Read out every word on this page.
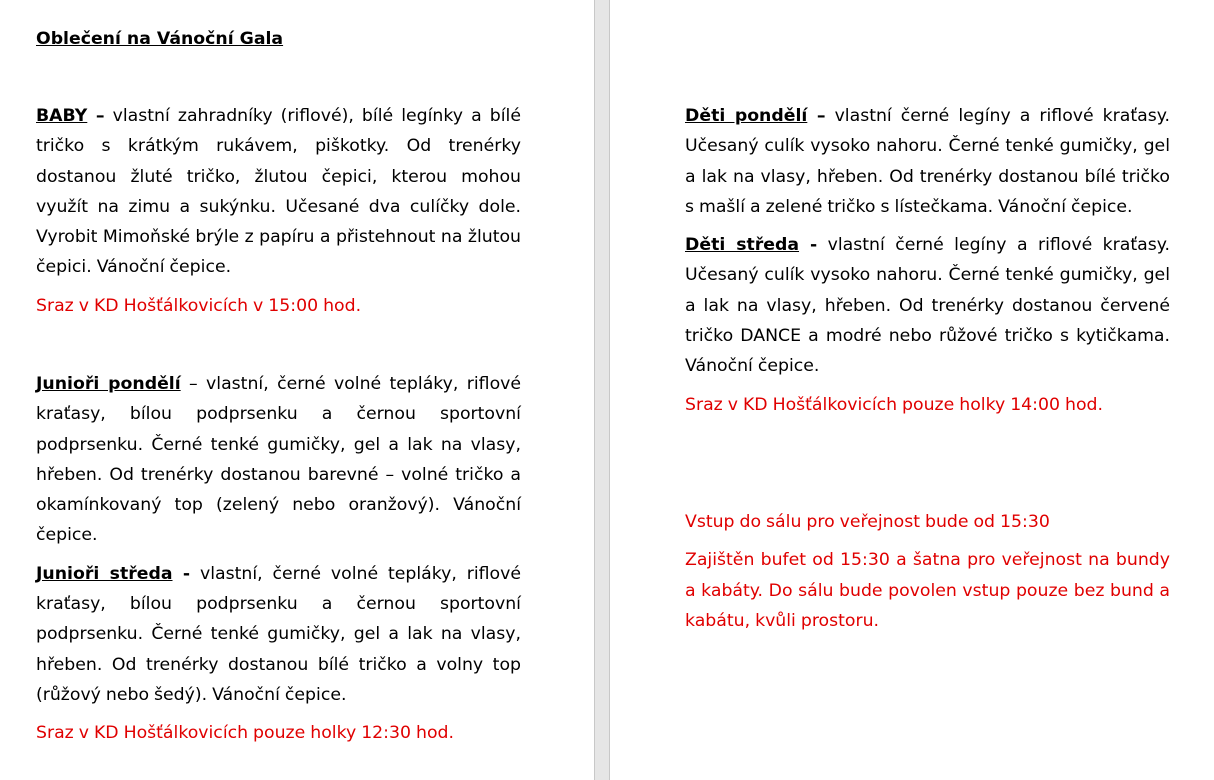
Oblečení na Vánoční Gala

BABY – vlastní zahradníky (riflové), bílé legínky a bílé tričko s krátkým rukávem, piškotky. Od trenérky dostanou žluté tričko, žlutou čepici, kterou mohou využít na zimu a sukýnku. Učesané dva culíčky dole. Vyrobit Mimoňské brýle z papíru a přistehnout na žlutou čepici. Vánoční čepice.

Sraz v KD Hošťálkovicích v 15:00 hod.

Junioři pondělí – vlastní, černé volné tepláky, riflové kraťasy, bílou podprsenku a černou sportovní podprsenku. Černé tenké gumičky, gel a lak na vlasy, hřeben. Od trenérky dostanou barevné – volné tričko a okamínkovaný top (zelený nebo oranžový). Vánoční čepice.

Junioři středa - vlastní, černé volné tepláky, riflové kraťasy, bílou podprsenku a černou sportovní podprsenku. Černé tenké gumičky, gel a lak na vlasy, hřeben. Od trenérky dostanou bílé tričko a volny top (růžový nebo šedý). Vánoční čepice.

Sraz v KD Hošťálkovicích pouze holky 12:30 hod.

Děti pondělí – vlastní černé legíny a riflové kraťasy. Učesaný culík vysoko nahoru. Černé tenké gumičky, gel a lak na vlasy, hřeben. Od trenérky dostanou bílé tričko s mašlí a zelené tričko s lístečkama. Vánoční čepice.

Děti středa - vlastní černé legíny a riflové kraťasy. Učesaný culík vysoko nahoru. Černé tenké gumičky, gel a lak na vlasy, hřeben. Od trenérky dostanou červené tričko DANCE a modré nebo růžové tričko s kytičkama. Vánoční čepice.

Sraz v KD Hošťálkovicích pouze holky 14:00 hod.

Vstup do sálu pro veřejnost bude od 15:30

Zajištěn bufet od 15:30 a šatna pro veřejnost na bundy a kabáty. Do sálu bude povolen vstup pouze bez bund a kabátu, kvůli prostoru.
